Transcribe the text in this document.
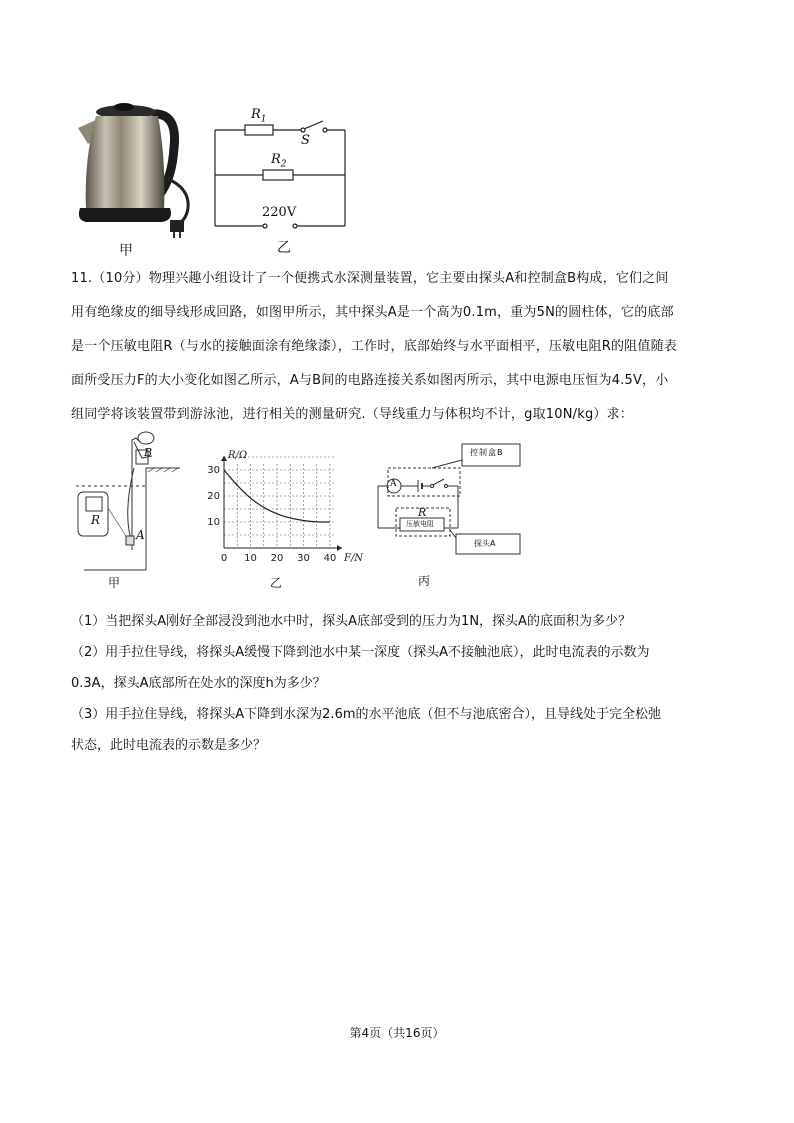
甲
$R_1$
S
$R_2$
220V
乙

11.（10分）物理兴趣小组设计了一个便携式水深测量装置，它主要由探头A和控制盒B构成，它们之间

用有绝缘皮的细导线形成回路，如图甲所示，其中探头A是一个高为0.1m，重为5N的圆柱体，它的底部

是一个压敏电阻R（与水的接触面涂有绝缘漆），工作时，底部始终与水平面相平，压敏电阻R的阻值随表

面所受压力F的大小变化如图乙所示，A与B间的电路连接关系如图丙所示，其中电源电压恒为4.5V，小

组同学将该装置带到游泳池，进行相关的测量研究.（导线重力与体积均不计，g取10N/kg）求：

B
R
A
甲
0 10 20 30 40
10
20
30
F/N
R/Ω
乙
控制盒B
A
R
压敏电阻
探头A
丙

（1）当把探头A刚好全部浸没到池水中时，探头A底部受到的压力为1N，探头A的底面积为多少？

（2）用手拉住导线，将探头A缓慢下降到池水中某一深度（探头A不接触池底），此时电流表的示数为

0.3A，探头A底部所在处水的深度h为多少？

（3）用手拉住导线，将探头A下降到水深为2.6m的水平池底（但不与池底密合），且导线处于完全松弛

状态，此时电流表的示数是多少？

第4页（共16页）
